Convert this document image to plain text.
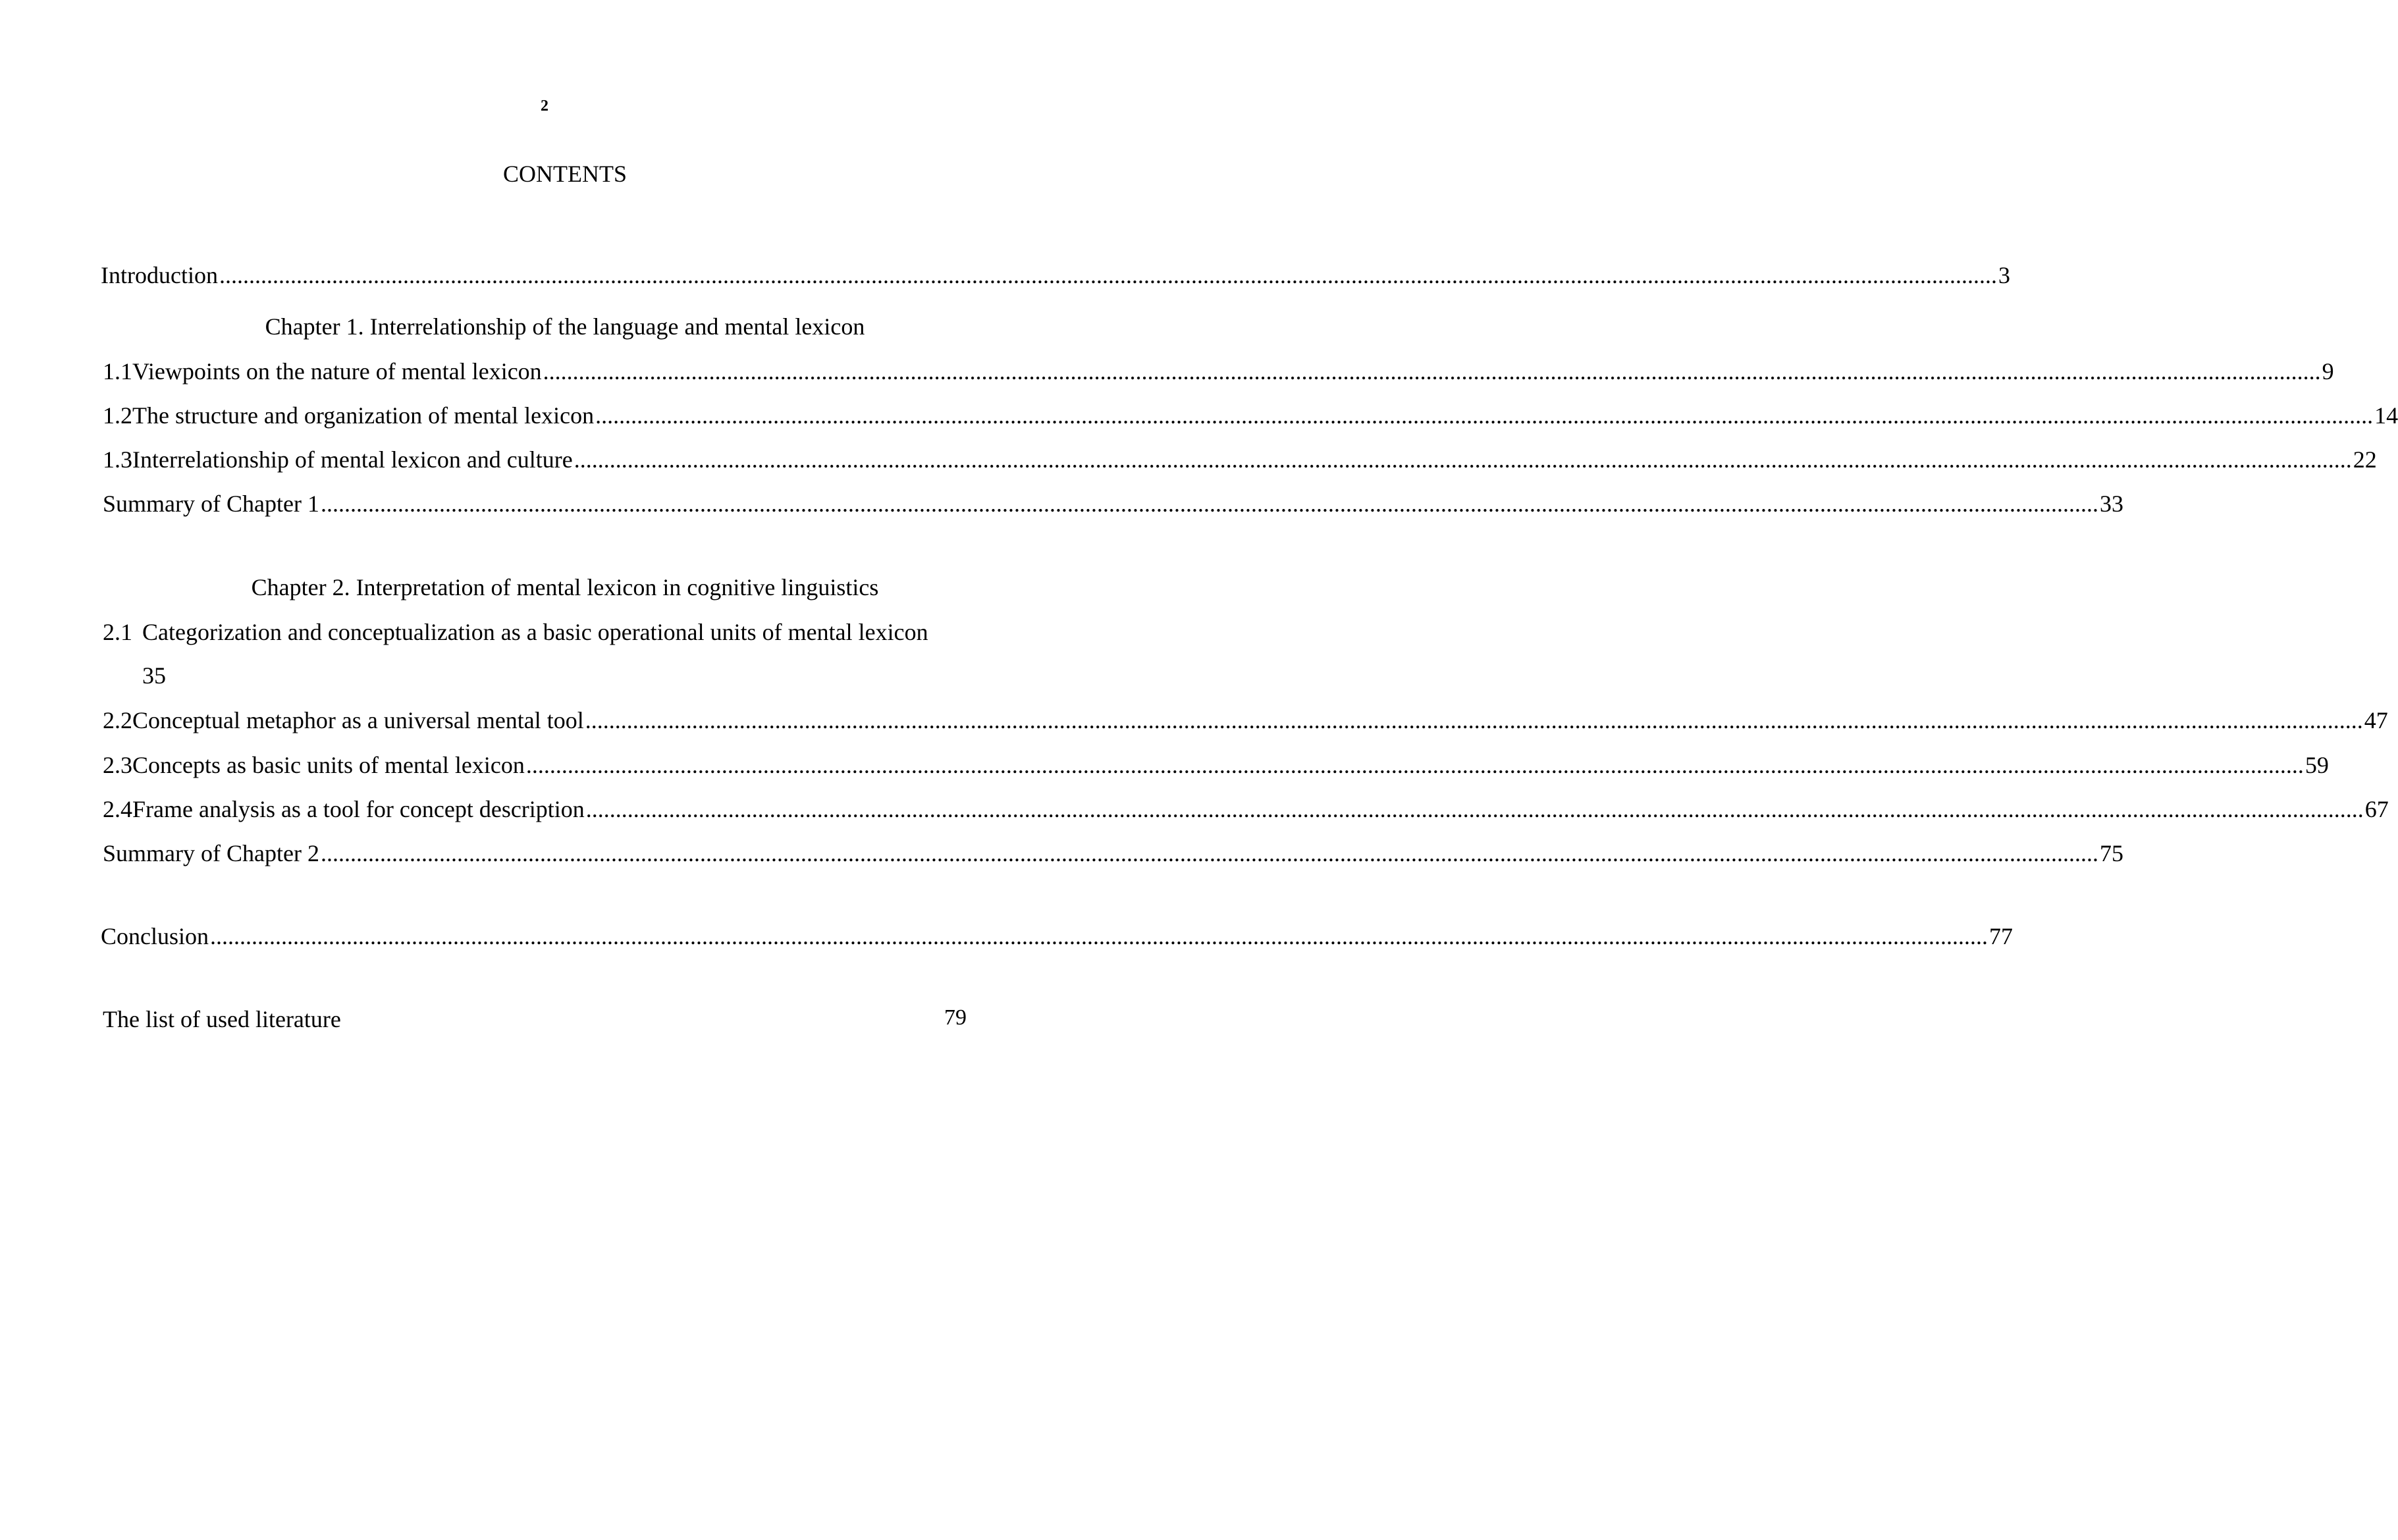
2
CONTENTS
Introduction ............................................................................................................................................................................................................................................................................................................ 3
Chapter 1. Interrelationship of the language and mental lexicon
1.1 Viewpoints on the nature of mental lexicon ............................................................................................................................................................................................................................................................................................................ 9
1.2 The structure and organization of mental lexicon ............................................................................................................................................................................................................................................................................................................ 14
1.3 Interrelationship of mental lexicon and culture ............................................................................................................................................................................................................................................................................................................ 22
Summary of Chapter 1 ............................................................................................................................................................................................................................................................................................................ 33
Chapter 2. Interpretation of mental lexicon in cognitive linguistics
2.1 Categorization and conceptualization as a basic operational units of mental lexicon
35
2.2 Conceptual metaphor as a universal mental tool ............................................................................................................................................................................................................................................................................................................ 47
2.3 Concepts as basic units of mental lexicon ............................................................................................................................................................................................................................................................................................................ 59
2.4 Frame analysis as a tool for concept description ............................................................................................................................................................................................................................................................................................................ 67
Summary of Chapter 2 ............................................................................................................................................................................................................................................................................................................ 75
Conclusion ............................................................................................................................................................................................................................................................................................................ 77
The list of used literature	79
